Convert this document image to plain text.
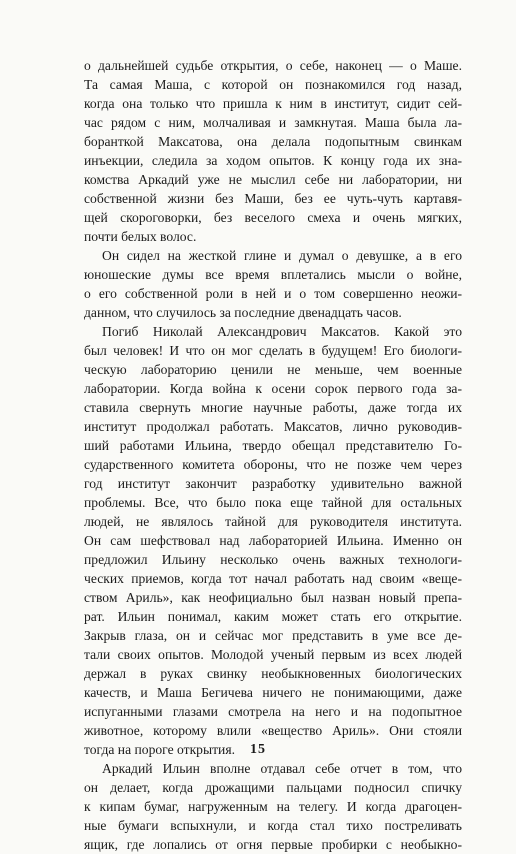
о дальнейшей судьбе открытия, о себе, наконец — о Маше.
Та самая Маша, с которой он познакомился год назад,
когда она только что пришла к ним в институт, сидит сей-
час рядом с ним, молчаливая и замкнутая. Маша была ла-
боранткой Максатова, она делала подопытным свинкам
инъекции, следила за ходом опытов. К концу года их зна-
комства Аркадий уже не мыслил себе ни лаборатории, ни
собственной жизни без Маши, без ее чуть-чуть картавя-
щей скороговорки, без веселого смеха и очень мягких,
почти белых волос.

Он сидел на жесткой глине и думал о девушке, а в его
юношеские думы все время вплетались мысли о войне,
о его собственной роли в ней и о том совершенно неожи-
данном, что случилось за последние двенадцать часов.

Погиб Николай Александрович Максатов. Какой это
был человек! И что он мог сделать в будущем! Его биологи-
ческую лабораторию ценили не меньше, чем военные
лаборатории. Когда война к осени сорок первого года за-
ставила свернуть многие научные работы, даже тогда их
институт продолжал работать. Максатов, лично руководив-
ший работами Ильина, твердо обещал представителю Го-
сударственного комитета обороны, что не позже чем через
год институт закончит разработку удивительно важной
проблемы. Все, что было пока еще тайной для остальных
людей, не являлось тайной для руководителя института.
Он сам шефствовал над лабораторией Ильина. Именно он
предложил Ильину несколько очень важных технологи-
ческих приемов, когда тот начал работать над своим «веще-
ством Ариль», как неофициально был назван новый препа-
рат. Ильин понимал, каким может стать его открытие.
Закрыв глаза, он и сейчас мог представить в уме все де-
тали своих опытов. Молодой ученый первым из всех людей
держал в руках свинку необыкновенных биологических
качеств, и Маша Бегичева ничего не понимающими, даже
испуганными глазами смотрела на него и на подопытное
животное, которому влили «вещество Ариль». Они стояли
тогда на пороге открытия.

Аркадий Ильин вполне отдавал себе отчет в том, что
он делает, когда дрожащими пальцами подносил спичку
к кипам бумаг, нагруженным на телегу. И когда драгоцен-
ные бумаги вспыхнули, и когда стал тихо постреливать
ящик, где лопались от огня первые пробирки с необыкно-

15
